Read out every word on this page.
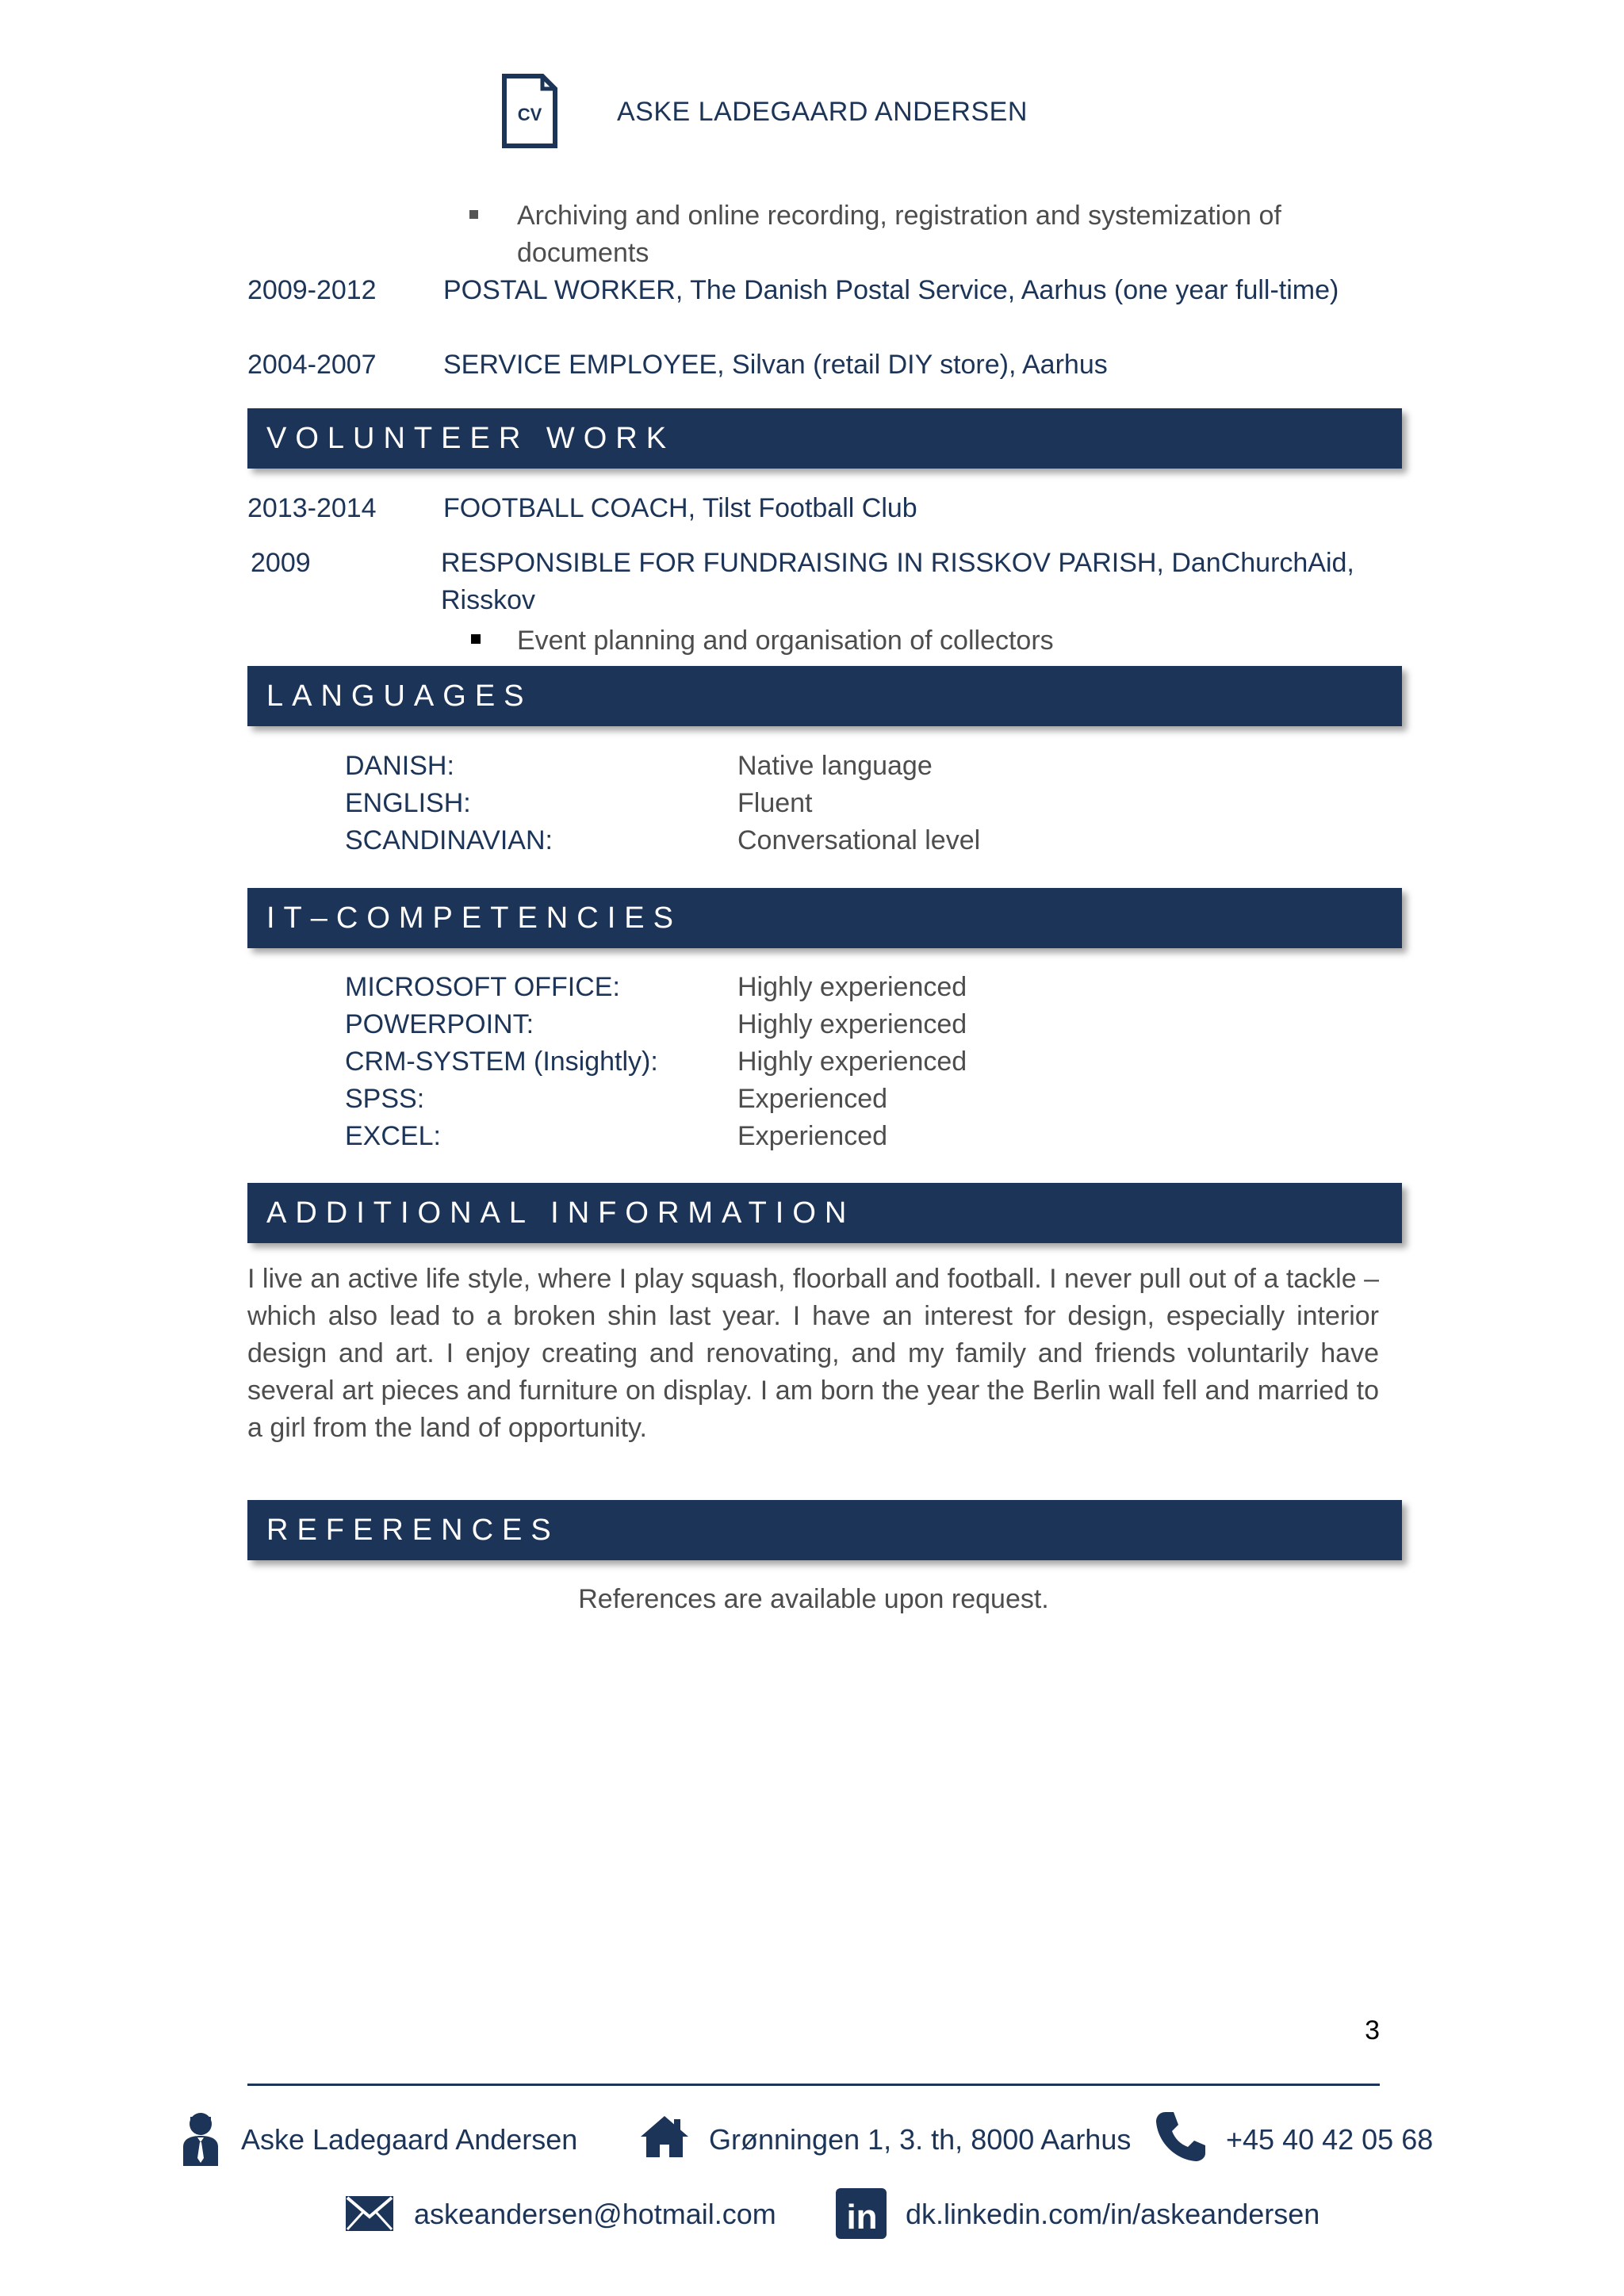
CV	ASKE LADEGAARD ANDERSEN
Archiving and online recording, registration and systemization of
documents
2009-2012 POSTAL WORKER, The Danish Postal Service, Aarhus (one year full-time)
2004-2007 SERVICE EMPLOYEE, Silvan (retail DIY store), Aarhus
VOLUNTEER WORK
2013-2014 FOOTBALL COACH, Tilst Football Club
2009	RESPONSIBLE FOR FUNDRAISING IN RISSKOV PARISH, DanChurchAid,
Risskov
Event planning and organisation of collectors
LANGUAGES
DANISH:	Native language
ENGLISH:	Fluent
SCANDINAVIAN:	Conversational level
IT–COMPETENCIES
MICROSOFT OFFICE:	Highly experienced
POWERPOINT:	Highly experienced
CRM-SYSTEM (Insightly):	Highly experienced
SPSS:	Experienced
EXCEL:	Experienced
ADDITIONAL INFORMATION
I live an active life style, where I play squash, floorball and football. I never pull out of a tackle – which also lead to a broken shin last year. I have an interest for design, especially interior design and art. I enjoy creating and renovating, and my family and friends voluntarily have several art pieces and furniture on display. I am born the year the Berlin wall fell and married to a girl from the land of opportunity.
REFERENCES
References are available upon request.
3
Aske Ladegaard Andersen	Grønningen 1, 3. th, 8000 Aarhus	+45 40 42 05 68
askeandersen@hotmail.com in dk.linkedin.com/in/askeandersen
